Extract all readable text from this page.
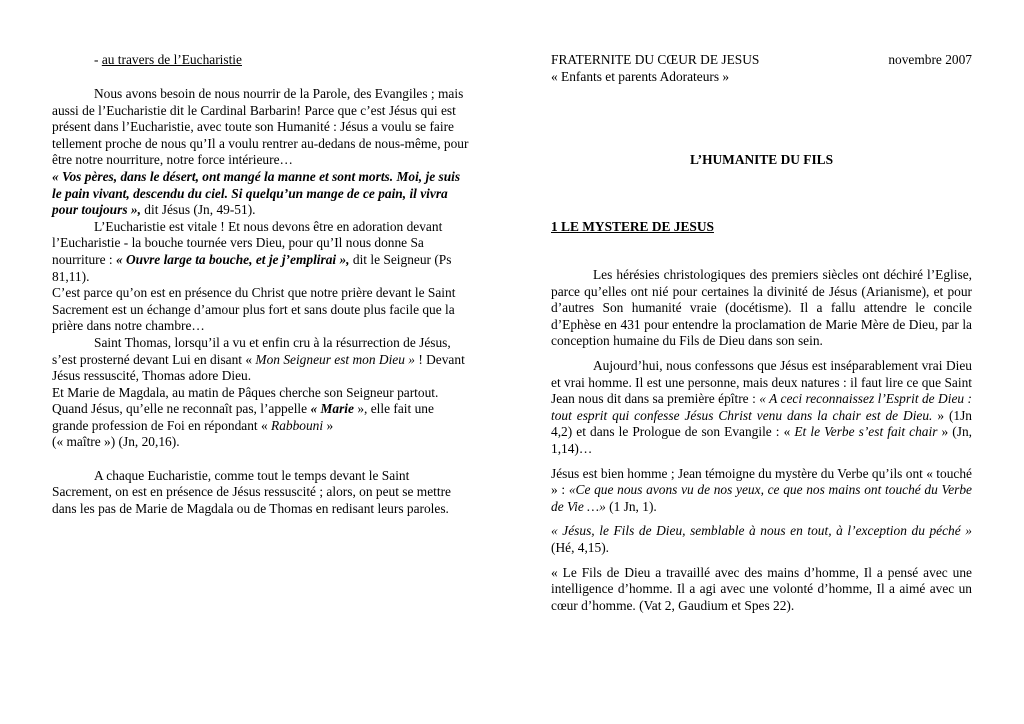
- au travers de l’Eucharistie

Nous avons besoin de nous nourrir de la Parole, des Evangiles ; mais aussi de l’Eucharistie dit le Cardinal Barbarin! Parce que c’est Jésus qui est présent dans l’Eucharistie, avec toute son Humanité : Jésus a voulu se faire tellement proche de nous qu’Il a voulu rentrer au-dedans de nous-même, pour être notre nourriture, notre force intérieure…

« Vos pères, dans le désert, ont mangé la manne et sont morts. Moi, je suis le pain vivant, descendu du ciel. Si quelqu’un mange de ce pain, il vivra pour toujours », dit Jésus (Jn, 49-51).

L’Eucharistie est vitale ! Et nous devons être en adoration devant l’Eucharistie - la bouche tournée vers Dieu, pour qu’Il nous donne Sa nourriture : « Ouvre large ta bouche, et je j’emplirai », dit le Seigneur (Ps 81,11).

C’est parce qu’on est en présence du Christ que notre prière devant le Saint Sacrement est un échange d’amour plus fort et sans doute plus facile que la prière dans notre chambre…

Saint Thomas, lorsqu’il a vu et enfin cru à la résurrection de Jésus, s’est prosterné devant Lui en disant « Mon Seigneur est mon Dieu » ! Devant Jésus ressuscité, Thomas adore Dieu.

Et Marie de Magdala, au matin de Pâques cherche son Seigneur partout. Quand Jésus, qu’elle ne reconnaît pas, l’appelle « Marie », elle fait une grande profession de Foi en répondant « Rabbouni »

(« maître ») (Jn, 20,16).

A chaque Eucharistie, comme tout le temps devant le Saint Sacrement, on est en présence de Jésus ressuscité ; alors, on peut se mettre dans les pas de Marie de Magdala ou de Thomas en redisant leurs paroles.

FRATERNITE DU CŒUR DE JESUS	novembre 2007
« Enfants et parents Adorateurs »
L’HUMANITE DU FILS
1 LE MYSTERE DE JESUS

Les hérésies christologiques des premiers siècles ont déchiré l’Eglise, parce qu’elles ont nié pour certaines la divinité de Jésus (Arianisme), et pour d’autres Son humanité vraie (docétisme). Il a fallu attendre le concile d’Ephèse en 431 pour entendre la proclamation de Marie Mère de Dieu, par la conception humaine du Fils de Dieu dans son sein.

Aujourd’hui, nous confessons que Jésus est inséparablement vrai Dieu et vrai homme. Il est une personne, mais deux natures : il faut lire ce que Saint Jean nous dit dans sa première épître : « A ceci reconnaissez l’Esprit de Dieu : tout esprit qui confesse Jésus Christ venu dans la chair est de Dieu. » (1Jn 4,2) et dans le Prologue de son Evangile : « Et le Verbe s’est fait chair » (Jn, 1,14)…

Jésus est bien homme ; Jean témoigne du mystère du Verbe qu’ils ont « touché » : «Ce que nous avons vu de nos yeux, ce que nos mains ont touché du Verbe de Vie …» (1 Jn, 1).

« Jésus, le Fils de Dieu, semblable à nous en tout, à l’exception du péché » (Hé, 4,15).

« Le Fils de Dieu a travaillé avec des mains d’homme, Il a pensé avec une intelligence d’homme. Il a agi avec une volonté d’homme, Il a aimé avec un cœur d’homme. (Vat 2, Gaudium et Spes 22).
